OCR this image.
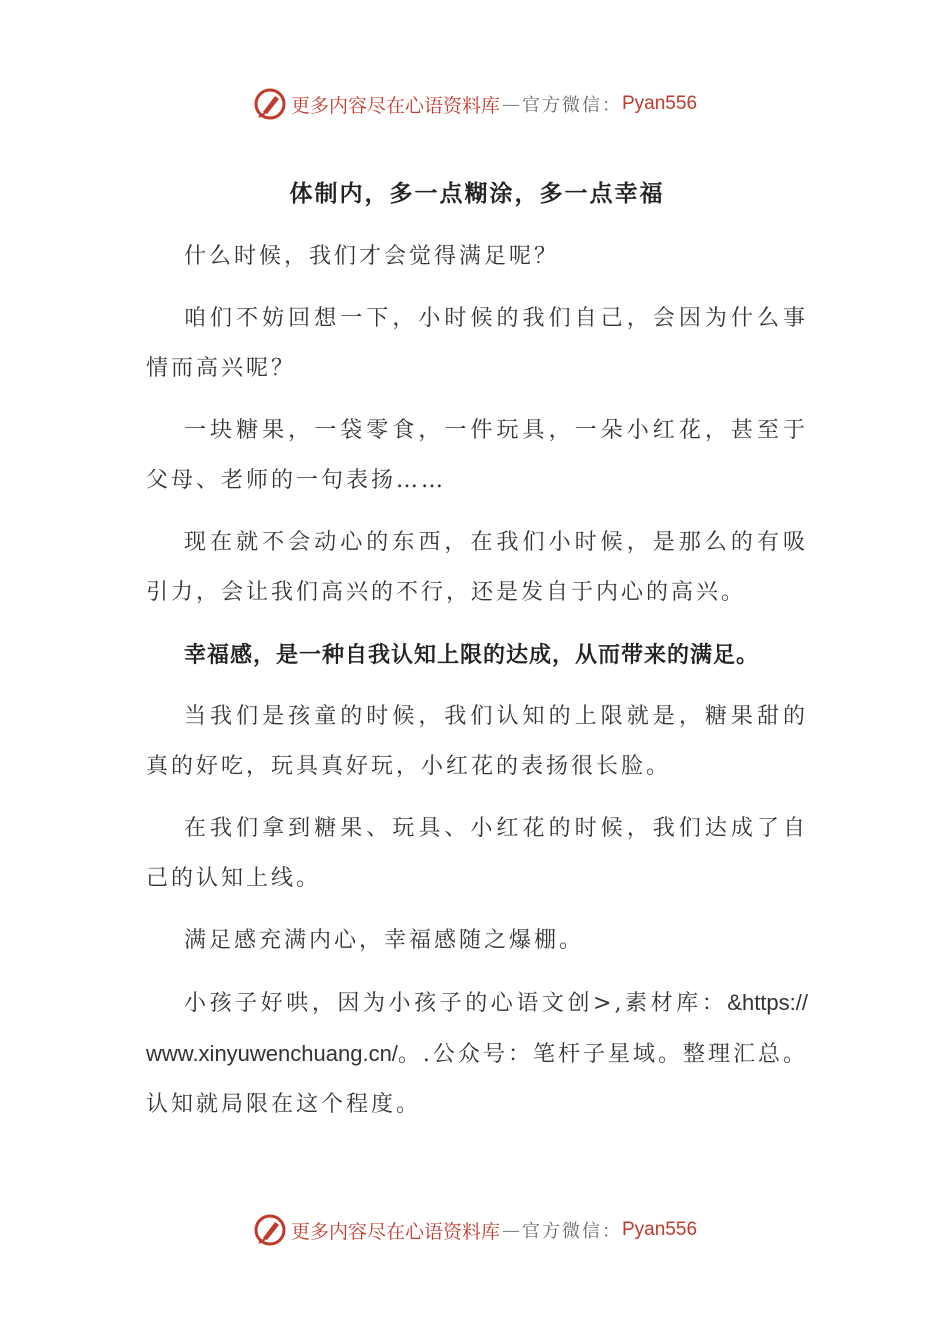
更多内容尽在心语资料库 — 官方微信： Pyan556
体制内，多一点糊涂，多一点幸福

什么时候，我们才会觉得满足呢？

咱们不妨回想一下，小时候的我们自己，会因为什么事情而高兴呢？

一块糖果，一袋零食，一件玩具，一朵小红花，甚至于父母、老师的一句表扬……

现在就不会动心的东西，在我们小时候，是那么的有吸引力，会让我们高兴的不行，还是发自于内心的高兴。

幸福感，是一种自我认知上限的达成，从而带来的满足。

当我们是孩童的时候，我们认知的上限就是，糖果甜的真的好吃，玩具真好玩，小红花的表扬很长脸。

在我们拿到糖果、玩具、小红花的时候，我们达成了自己的认知上线。

满足感充满内心，幸福感随之爆棚。

小孩子好哄，因为小孩子的心语文创>,素材库：&https://www.xinyuwenchuang.cn/。.公众号：笔杆子星域。整理汇总。认知就局限在这个程度。

更多内容尽在心语资料库 — 官方微信： Pyan556
